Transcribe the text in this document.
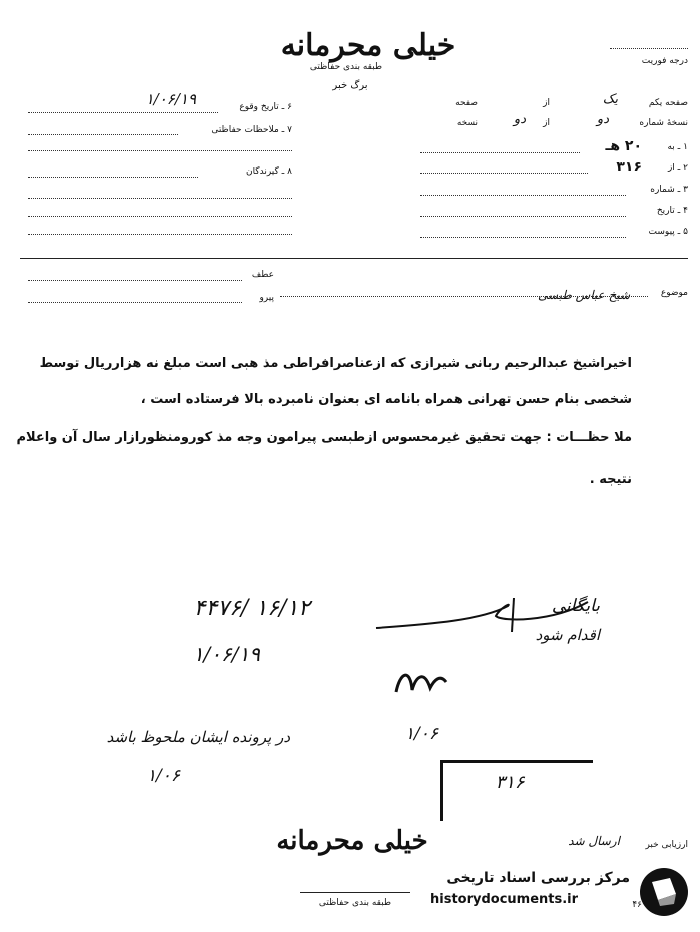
خیلی محرمانه
طبقه بندی حفاظتی
برگ خبر
درجه فوریت
۶ ـ تاریخ وقوع
۱/۰۶/۱۹
۷ ـ ملاحظات حفاظتی
۸ ـ گیرندگان
صفحه یکم
یک
از
صفحه
نسخهٔ شماره
دو
از
دو
نسخه
۱ ـ به
۲۰ هـ
۲ ـ از
۳۱۶
۳ ـ شماره
۴ ـ تاریخ
۵ ـ پیوست
موضوع
شیخ عباس طبسی
عطف
پیرو
اخیراشیخ عبدالرحیم ربانی شیرازی که ازعناصرافراطی مذ هبی است مبلغ نه هزارریال توسط
شخصی بنام حسن تهرانی همراه بانامه ای بعنوان نامبرده بالا فرستاده است ،
ملا حظـــات : جهت تحقیق غیرمحسوس ازطبسی پیرامون وجه مذ کورومنظورازار سال آن واعلام
نتیجه .
۱۶/۱۲ /۴۴۷۶
۱/۰۶/۱۹
بایگانی
اقدام شود
۱/۰۶
در پرونده ایشان ملحوظ باشد
۱/۰۶	۳۱۶
ارزیابی خبر
ارسال شد
خیلی محرمانه
طبقه بندی حفاظتی	۴۶
مرکز بررسی اسناد تاریخی
historydocuments.ir
